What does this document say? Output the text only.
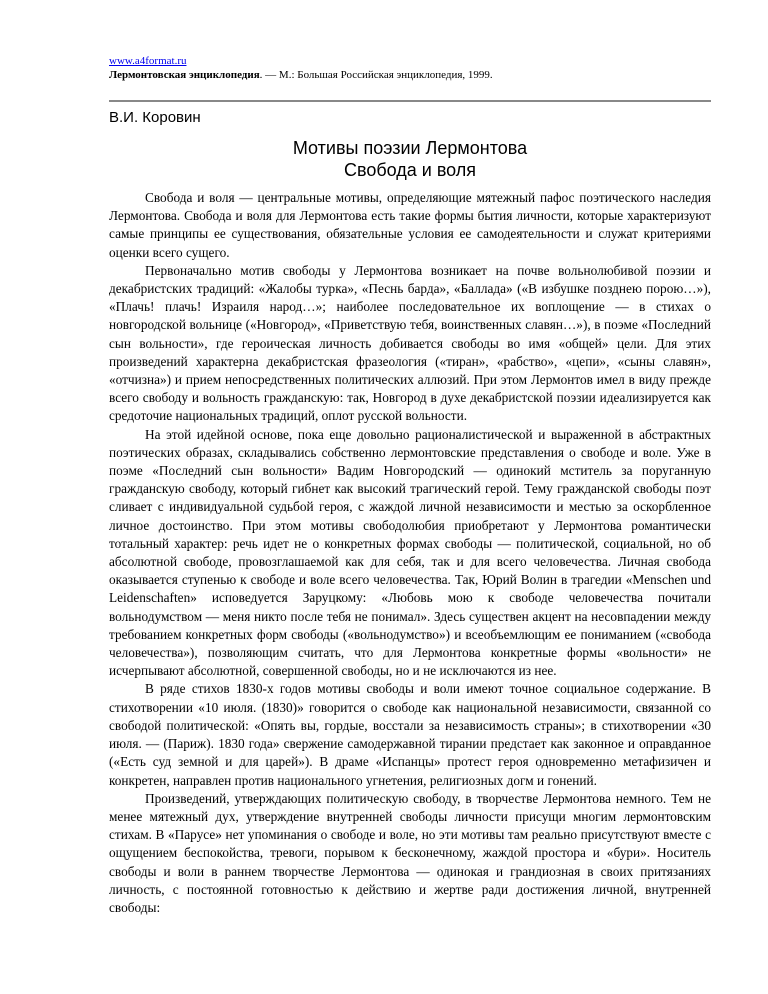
www.a4format.ru
Лермонтовская энциклопедия. — М.: Большая Российская энциклопедия, 1999.
В.И. Коровин
Мотивы поэзии Лермонтова
Свобода и воля

Свобода и воля — центральные мотивы, определяющие мятежный пафос поэтического наследия Лермонтова. Свобода и воля для Лермонтова есть такие формы бытия личности, которые характеризуют самые принципы ее существования, обязательные условия ее самодеятельности и служат критериями оценки всего сущего.

Первоначально мотив свободы у Лермонтова возникает на почве вольнолюбивой поэзии и декабристских традиций: «Жалобы турка», «Песнь барда», «Баллада» («В избушке позднею порою…»), «Плачь! плачь! Израиля народ…»; наиболее последовательное их воплощение — в стихах о новгородской вольнице («Новгород», «Приветствую тебя, воинственных славян…»), в поэме «Последний сын вольности», где героическая личность добивается свободы во имя «общей» цели. Для этих произведений характерна декабристская фразеология («тиран», «рабство», «цепи», «сыны славян», «отчизна») и прием непосредственных политических аллюзий. При этом Лермонтов имел в виду прежде всего свободу и вольность гражданскую: так, Новгород в духе декабристской поэзии идеализируется как средоточие национальных традиций, оплот русской вольности.

На этой идейной основе, пока еще довольно рационалистической и выраженной в абстрактных поэтических образах, складывались собственно лермонтовские представления о свободе и воле. Уже в поэме «Последний сын вольности» Вадим Новгородский — одинокий мститель за поруганную гражданскую свободу, который гибнет как высокий трагический герой. Тему гражданской свободы поэт сливает с индивидуальной судьбой героя, с жаждой личной независимости и местью за оскорбленное личное достоинство. При этом мотивы свободолюбия приобретают у Лермонтова романтически тотальный характер: речь идет не о конкретных формах свободы — политической, социальной, но об абсолютной свободе, провозглашаемой как для себя, так и для всего человечества. Личная свобода оказывается ступенью к свободе и воле всего человечества. Так, Юрий Волин в трагедии «Menschen und Leidenschaften» исповедуется Заруцкому: «Любовь мою к свободе человечества почитали вольнодумством — меня никто после тебя не понимал». Здесь существен акцент на несовпадении между требованием конкретных форм свободы («вольнодумство») и всеобъемлющим ее пониманием («свобода человечества»), позволяющим считать, что для Лермонтова конкретные формы «вольности» не исчерпывают абсолютной, совершенной свободы, но и не исключаются из нее.

В ряде стихов 1830-х годов мотивы свободы и воли имеют точное социальное содержание. В стихотворении «10 июля. (1830)» говорится о свободе как национальной независимости, связанной со свободой политической: «Опять вы, гордые, восстали за независимость страны»; в стихотворении «30 июля. — (Париж). 1830 года» свержение самодержавной тирании предстает как законное и оправданное («Есть суд земной и для царей»). В драме «Испанцы» протест героя одновременно метафизичен и конкретен, направлен против национального угнетения, религиозных догм и гонений.

Произведений, утверждающих политическую свободу, в творчестве Лермонтова немного. Тем не менее мятежный дух, утверждение внутренней свободы личности присущи многим лермонтовским стихам. В «Парусе» нет упоминания о свободе и воле, но эти мотивы там реально присутствуют вместе с ощущением беспокойства, тревоги, порывом к бесконечному, жаждой простора и «бури». Носитель свободы и воли в раннем творчестве Лермонтова — одинокая и грандиозная в своих притязаниях личность, с постоянной готовностью к действию и жертве ради достижения личной, внутренней свободы:
